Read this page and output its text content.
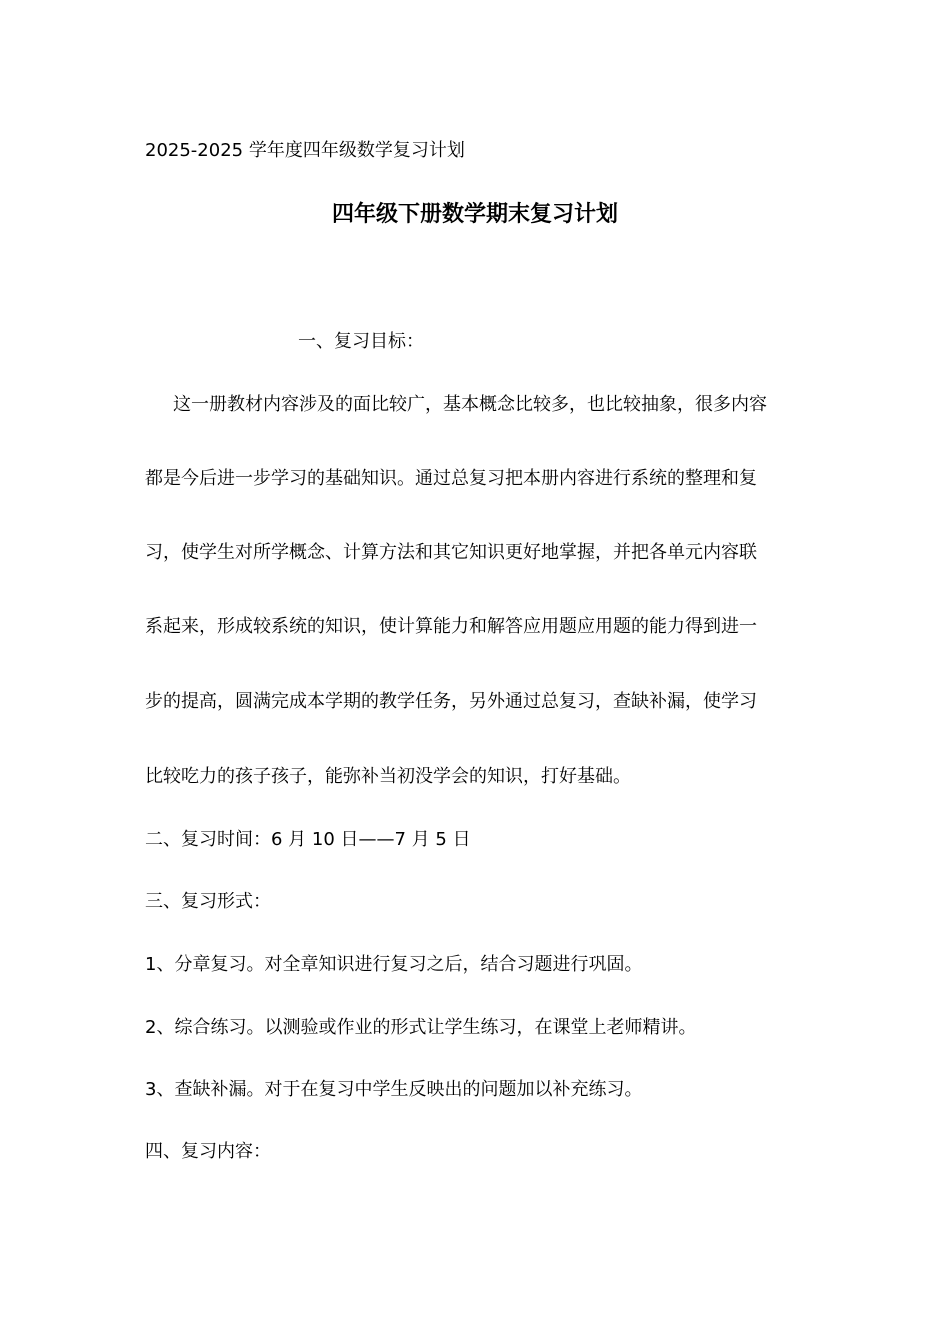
2025-2025 学年度四年级数学复习计划
四年级下册数学期末复习计划
一、复习目标：
这一册教材内容涉及的面比较广，基本概念比较多，也比较抽象，很多内容
都是今后进一步学习的基础知识。通过总复习把本册内容进行系统的整理和复
习，使学生对所学概念、计算方法和其它知识更好地掌握，并把各单元内容联
系起来，形成较系统的知识，使计算能力和解答应用题应用题的能力得到进一
步的提高，圆满完成本学期的教学任务，另外通过总复习，查缺补漏，使学习
比较吃力的孩子孩子，能弥补当初没学会的知识，打好基础。
二、复习时间：6 月 10 日——7 月 5 日
三、复习形式：
1、分章复习。对全章知识进行复习之后，结合习题进行巩固。
2、综合练习。以测验或作业的形式让学生练习，在课堂上老师精讲。
3、查缺补漏。对于在复习中学生反映出的问题加以补充练习。
四、复习内容：
